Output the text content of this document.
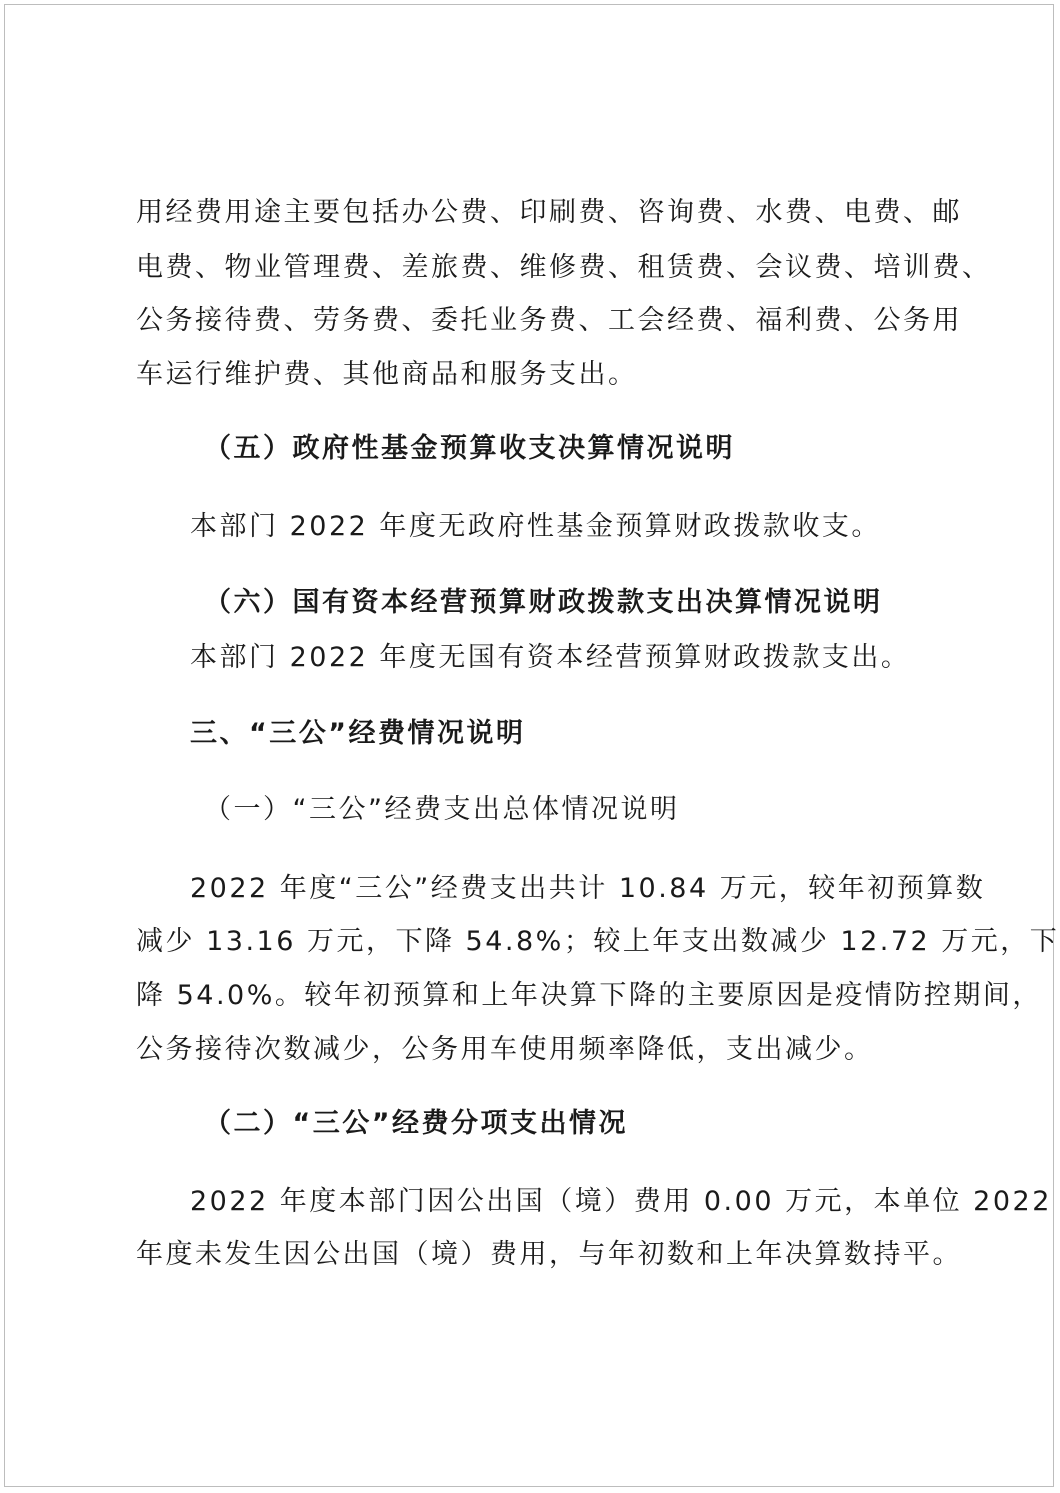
用经费用途主要包括办公费、印刷费、咨询费、水费、电费、邮
电费、物业管理费、差旅费、维修费、租赁费、会议费、培训费、
公务接待费、劳务费、委托业务费、工会经费、福利费、公务用
车运行维护费、其他商品和服务支出。
（五）政府性基金预算收支决算情况说明
本部门 2022 年度无政府性基金预算财政拨款收支。
（六）国有资本经营预算财政拨款支出决算情况说明
本部门 2022 年度无国有资本经营预算财政拨款支出。
三、“三公”经费情况说明
（一）“三公”经费支出总体情况说明
2022 年度“三公”经费支出共计 10.84 万元，较年初预算数
减少 13.16 万元，下降 54.8%；较上年支出数减少 12.72 万元，下
降 54.0%。较年初预算和上年决算下降的主要原因是疫情防控期间，
公务接待次数减少，公务用车使用频率降低，支出减少。
（二）“三公”经费分项支出情况
2022 年度本部门因公出国（境）费用 0.00 万元，本单位 2022
年度未发生因公出国（境）费用，与年初数和上年决算数持平。
